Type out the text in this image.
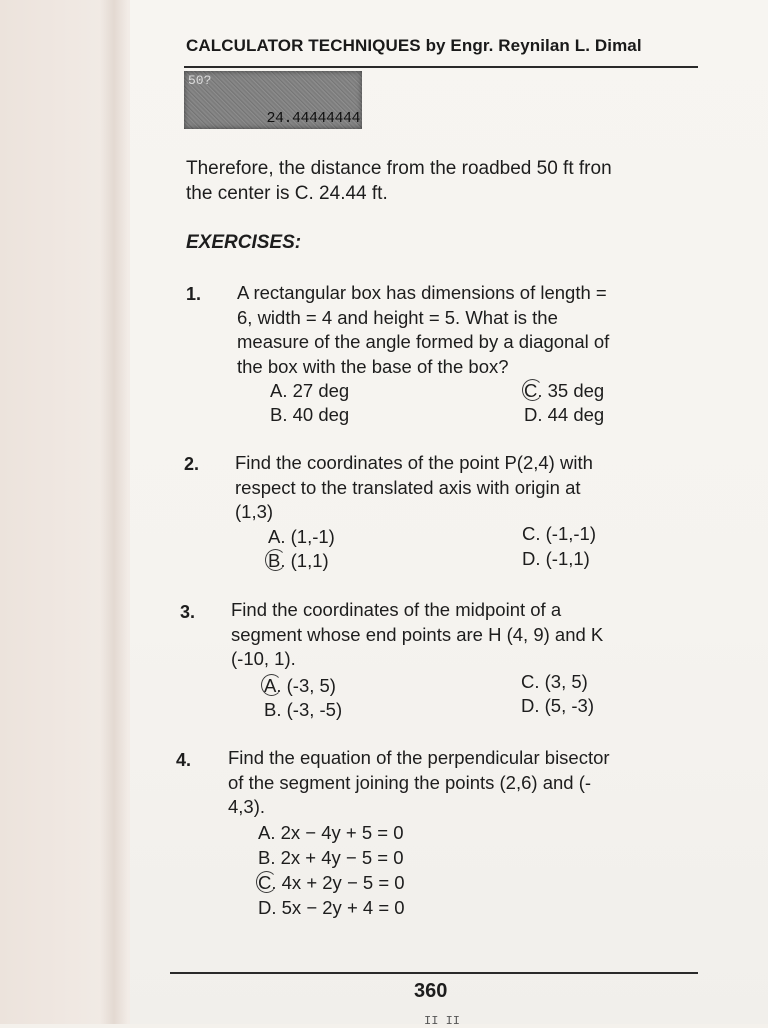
CALCULATOR TECHNIQUES by Engr. Reynilan L. Dimal
50?
24.44444444
Therefore, the distance from the roadbed 50 ft fron
the center is C. 24.44 ft.
EXERCISES:
1. A rectangular box has dimensions of length =
6, width = 4 and height = 5. What is the
measure of the angle formed by a diagonal of
the box with the base of the box?
A. 27 deg
B. 40 deg
C. 35 deg
D. 44 deg
2. Find the coordinates of the point P(2,4) with
respect to the translated axis with origin at
(1,3)
A. (1,-1)
B. (1,1)
C. (-1,-1)
D. (-1,1)
3. Find the coordinates of the midpoint of a
segment whose end points are H (4, 9) and K
(-10, 1).
A. (-3, 5)
B. (-3, -5)
C. (3, 5)
D. (5, -3)
4. Find the equation of the perpendicular bisector
of the segment joining the points (2,6) and (-
4,3).
A. 2x − 4y + 5 = 0
B. 2x + 4y − 5 = 0
C. 4x + 2y − 5 = 0
D. 5x − 2y + 4 = 0
360
II II
